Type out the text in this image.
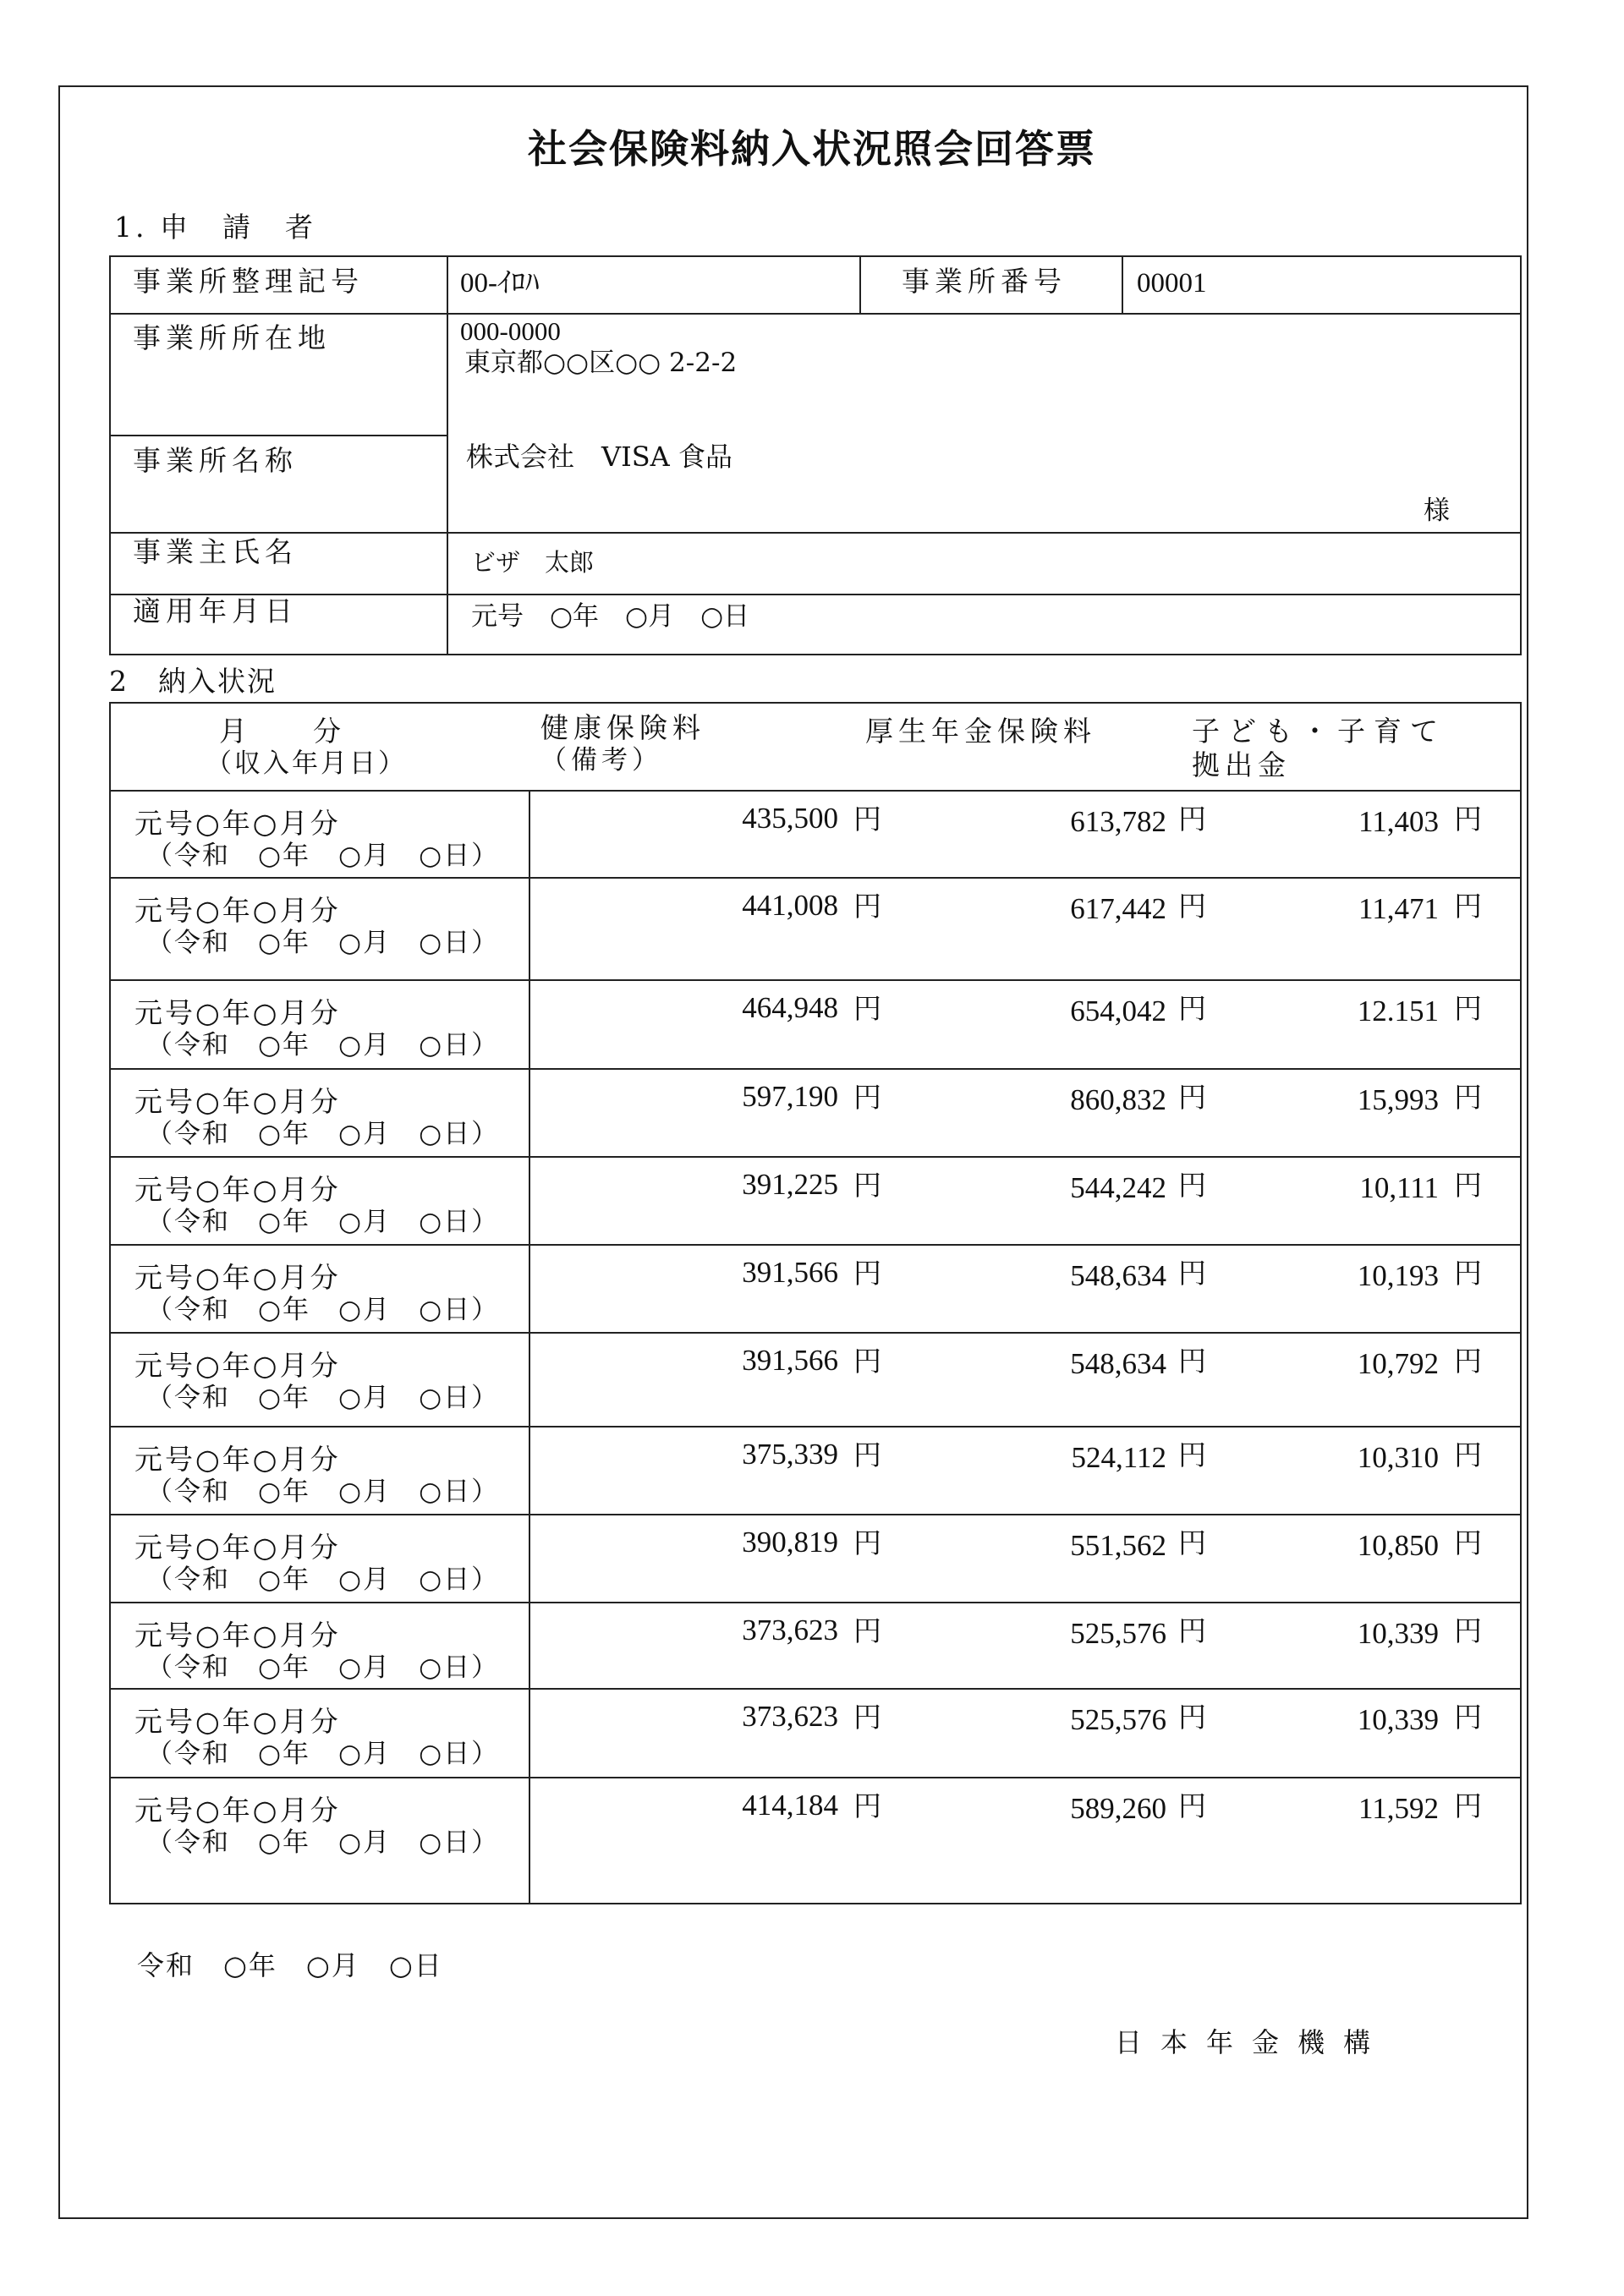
社会保険料納入状況照会回答票
1. 申　請　者
事業所整理記号	00-ｲﾛﾊ	事業所番号	00001
事業所所在地	000-0000
東京都○○区○○ 2-2-2
事業所名称	株式会社　VISA 食品
様
事業主氏名	ビザ　太郎
適用年月日	元号　○年　○月　○日
2　納入状況
月　　分
（収入年月日）
健康保険料
（備考）
厚生年金保険料	子ども・子育て
拠出金
元号○年○月分
（令和　○年　○月　○日）
435,500 円	613,782 円	11,403 円
元号○年○月分
（令和　○年　○月　○日）
441,008 円	617,442 円	11,471 円
元号○年○月分
（令和　○年　○月　○日）
464,948 円	654,042 円	12.151 円
元号○年○月分
（令和　○年　○月　○日）
597,190 円	860,832 円	15,993 円
元号○年○月分
（令和　○年　○月　○日）
391,225 円	544,242 円	10,111 円
元号○年○月分
（令和　○年　○月　○日）
391,566 円	548,634 円	10,193 円
元号○年○月分
（令和　○年　○月　○日）
391,566 円	548,634 円	10,792 円
元号○年○月分
（令和　○年　○月　○日）
375,339 円	524,112 円	10,310 円
元号○年○月分
（令和　○年　○月　○日）
390,819 円	551,562 円	10,850 円
元号○年○月分
（令和　○年　○月　○日）
373,623 円	525,576 円	10,339 円
元号○年○月分
（令和　○年　○月　○日）
373,623 円	525,576 円	10,339 円
元号○年○月分
（令和　○年　○月　○日）
414,184 円	589,260 円	11,592 円
令和　○年　○月　○日
日本年金機構
